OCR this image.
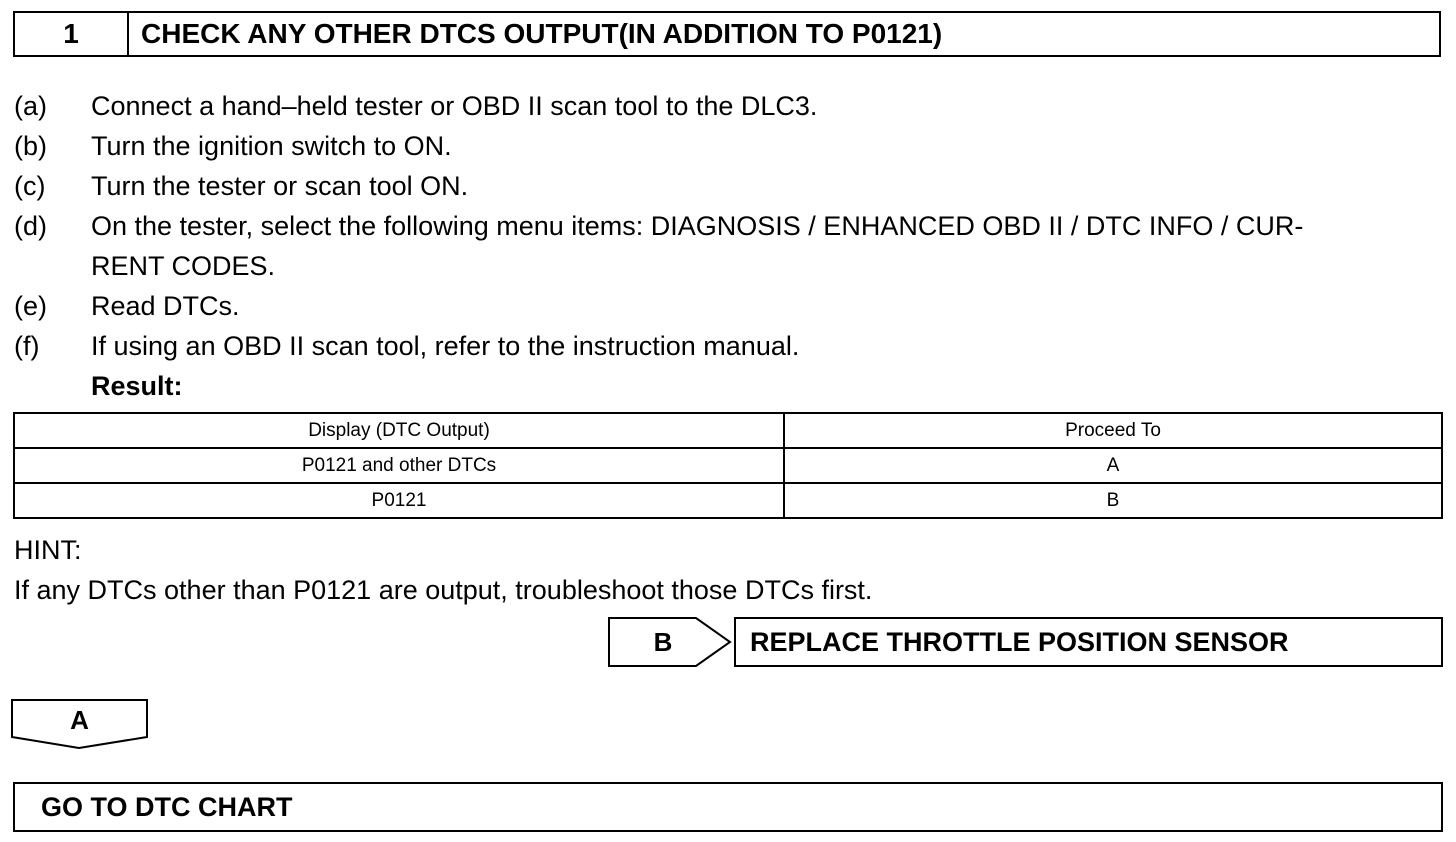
1	CHECK ANY OTHER DTCS OUTPUT(IN ADDITION TO P0121)
(a)	Connect a hand–held tester or OBD II scan tool to the DLC3.
(b)	Turn the ignition switch to ON.
(c)	Turn the tester or scan tool ON.
(d)	On the tester, select the following menu items: DIAGNOSIS / ENHANCED OBD II / DTC INFO / CUR-
RENT CODES.
(e)	Read DTCs.
(f)	If using an OBD II scan tool, refer to the instruction manual.
Result:
Display (DTC Output)	Proceed To
P0121 and other DTCs	A
P0121	B
HINT:
If any DTCs other than P0121 are output, troubleshoot those DTCs first.
B	REPLACE THROTTLE POSITION SENSOR
A
GO TO DTC CHART
